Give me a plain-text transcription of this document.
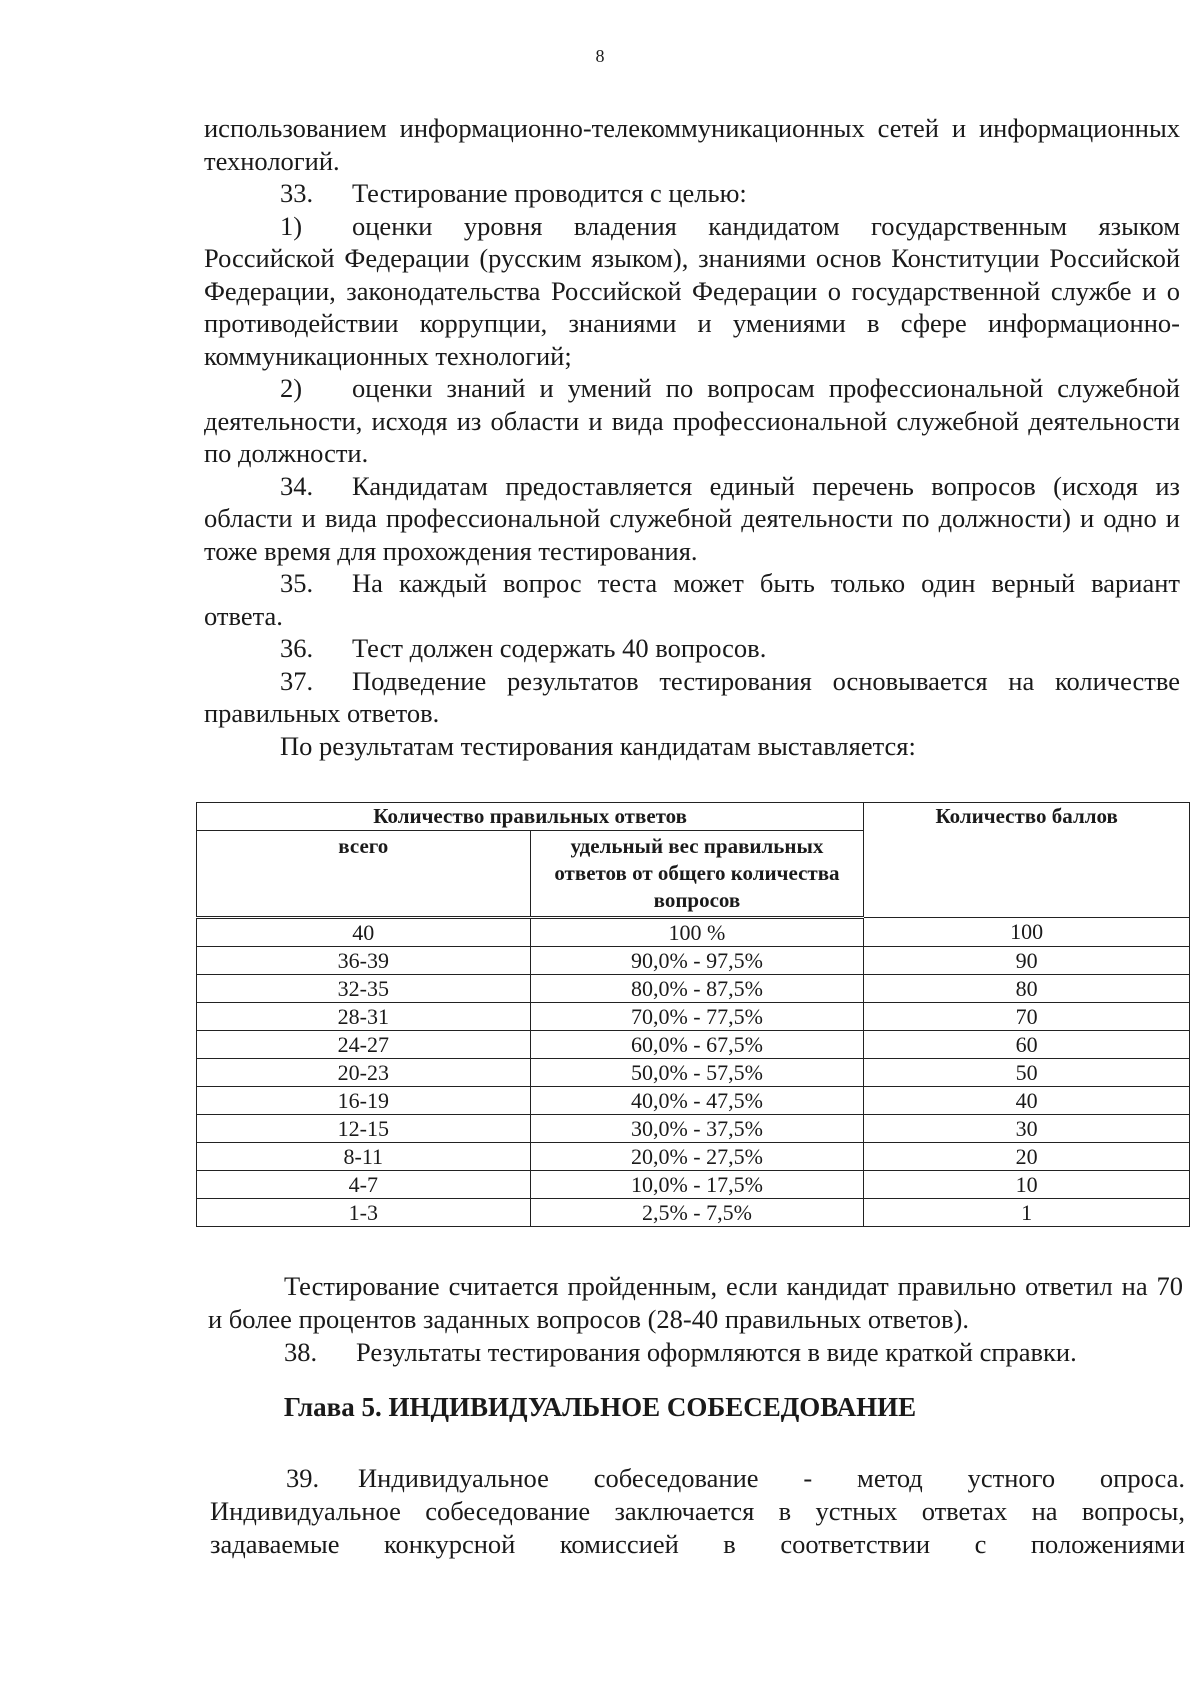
8

использованием информационно-телекоммуникационных сетей и информационных технологий.

33. Тестирование проводится с целью:

1) оценки уровня владения кандидатом государственным языком Российской Федерации (русским языком), знаниями основ Конституции Российской Федерации, законодательства Российской Федерации о государственной службе и о противодействии коррупции, знаниями и умениями в сфере информационно-коммуникационных технологий;

2) оценки знаний и умений по вопросам профессиональной служебной деятельности, исходя из области и вида профессиональной служебной деятельности по должности.

34. Кандидатам предоставляется единый перечень вопросов (исходя из области и вида профессиональной служебной деятельности по должности) и одно и тоже время для прохождения тестирования.

35. На каждый вопрос теста может быть только один верный вариант ответа.

36. Тест должен содержать 40 вопросов.

37. Подведение результатов тестирования основывается на количестве правильных ответов.

По результатам тестирования кандидатам выставляется:

Количество правильных ответов		Количество баллов
всего	удельный вес правильных ответов от общего количества вопросов	
40	100 %	100
36-39	90,0% - 97,5%	90
32-35	80,0% - 87,5%	80
28-31	70,0% - 77,5%	70
24-27	60,0% - 67,5%	60
20-23	50,0% - 57,5%	50
16-19	40,0% - 47,5%	40
12-15	30,0% - 37,5%	30
8-11	20,0% - 27,5%	20
4-7	10,0% - 17,5%	10
1-3	2,5% - 7,5%	1

Тестирование считается пройденным, если кандидат правильно ответил на 70 и более процентов заданных вопросов (28-40 правильных ответов).

38. Результаты тестирования оформляются в виде краткой справки.

Глава 5. ИНДИВИДУАЛЬНОЕ СОБЕСЕДОВАНИЕ

39. Индивидуальное собеседование - метод устного опроса. Индивидуальное собеседование заключается в устных ответах на вопросы, задаваемые конкурсной комиссией в соответствии с положениями
